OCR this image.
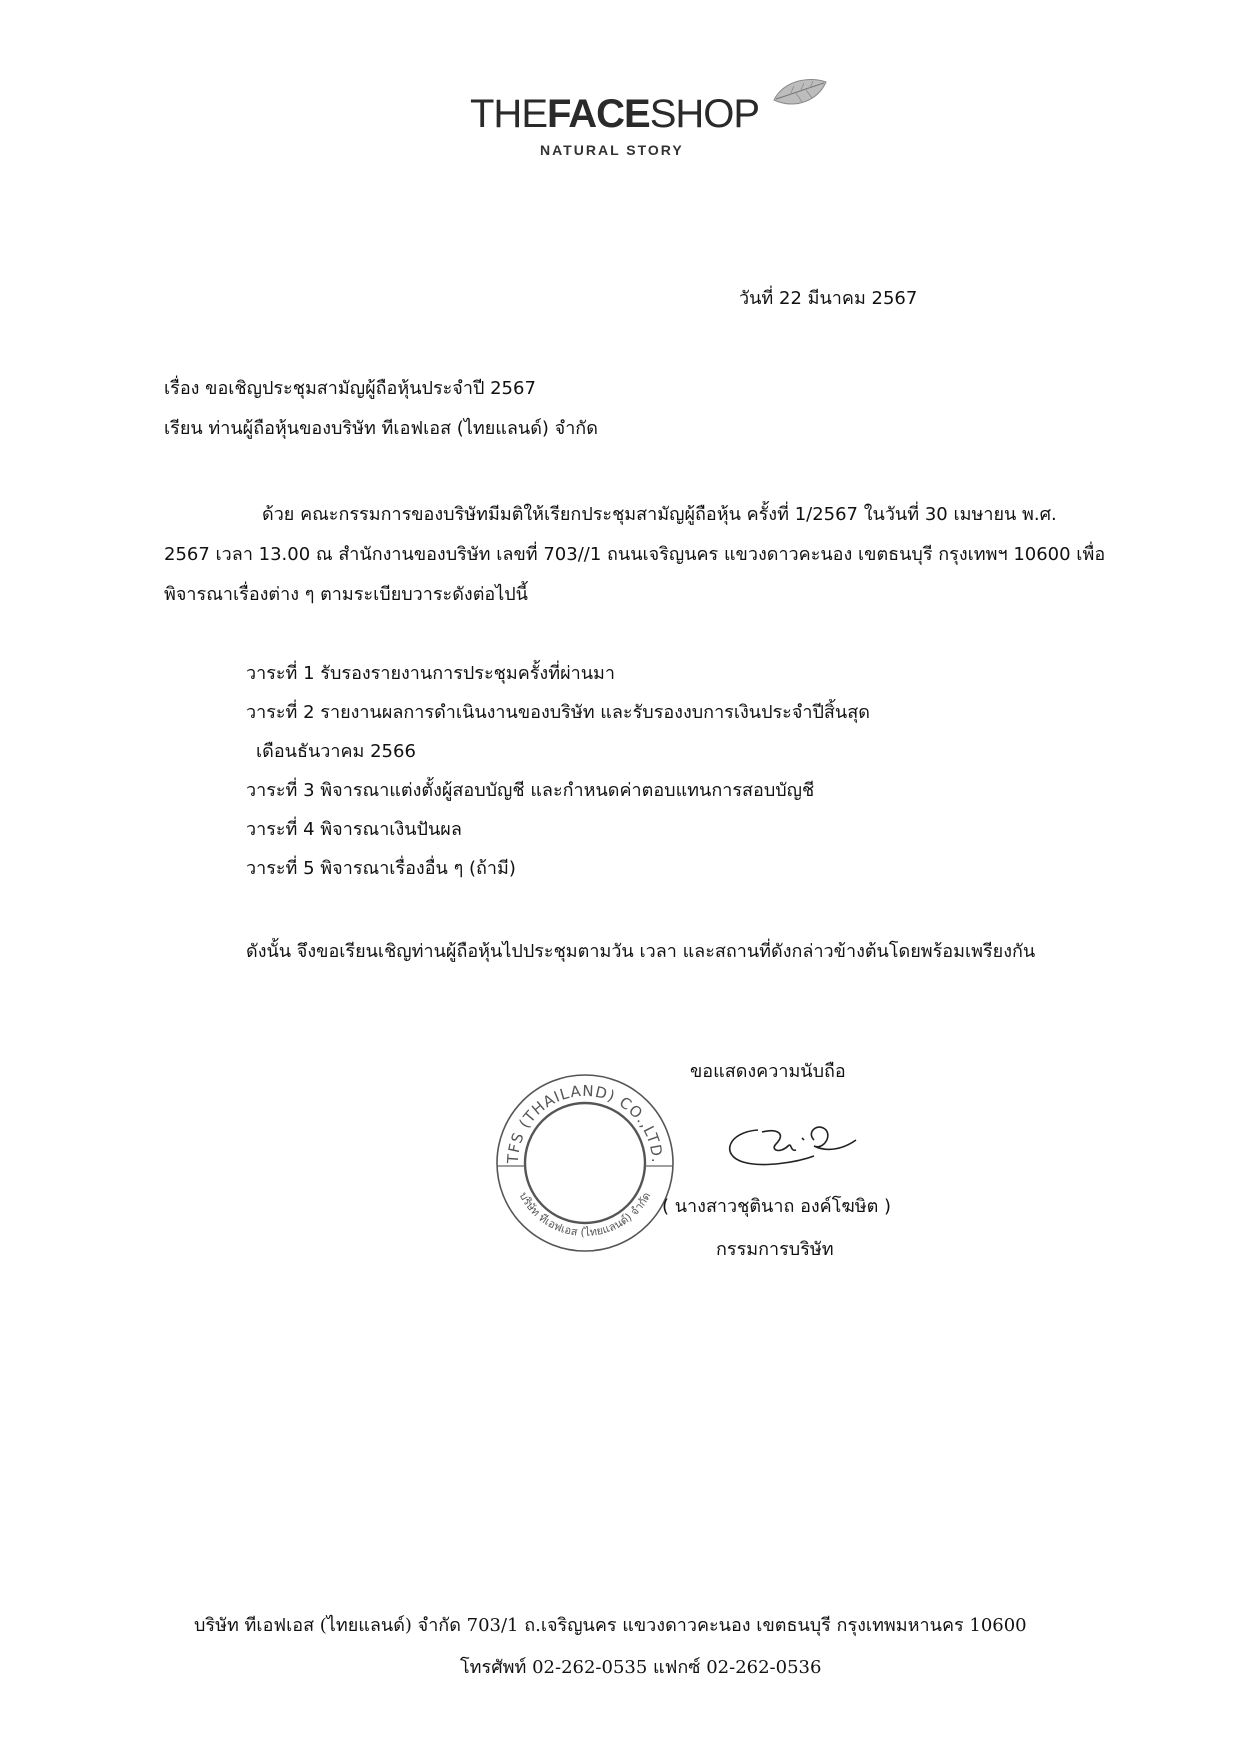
THEFACESHOP
NATURAL STORY
วันที่ 22 มีนาคม 2567
เรื่อง ขอเชิญประชุมสามัญผู้ถือหุ้นประจำปี 2567
เรียน ท่านผู้ถือหุ้นของบริษัท ทีเอฟเอส (ไทยแลนด์) จำกัด
ด้วย คณะกรรมการของบริษัทมีมติให้เรียกประชุมสามัญผู้ถือหุ้น ครั้งที่ 1/2567 ในวันที่ 30 เมษายน พ.ศ.
2567 เวลา 13.00 ณ สำนักงานของบริษัท เลขที่ 703//1 ถนนเจริญนคร แขวงดาวคะนอง เขตธนบุรี กรุงเทพฯ 10600 เพื่อ
พิจารณาเรื่องต่าง ๆ ตามระเบียบวาระดังต่อไปนี้
วาระที่ 1 รับรองรายงานการประชุมครั้งที่ผ่านมา
วาระที่ 2 รายงานผลการดำเนินงานของบริษัท และรับรองงบการเงินประจำปีสิ้นสุด
เดือนธันวาคม 2566
วาระที่ 3 พิจารณาแต่งตั้งผู้สอบบัญชี และกำหนดค่าตอบแทนการสอบบัญชี
วาระที่ 4 พิจารณาเงินปันผล
วาระที่ 5 พิจารณาเรื่องอื่น ๆ (ถ้ามี)
ดังนั้น จึงขอเรียนเชิญท่านผู้ถือหุ้นไปประชุมตามวัน เวลา และสถานที่ดังกล่าวข้างต้นโดยพร้อมเพรียงกัน
ขอแสดงความนับถือ
TFS (THAILAND) CO.,LTD.
บริษัท ทีเอฟเอส (ไทยแลนด์) จำกัด ( นางสาวชุตินาถ องค์โฆษิต )
กรรมการบริษัท
บริษัท ทีเอฟเอส (ไทยแลนด์) จำกัด 703/1 ถ.เจริญนคร แขวงดาวคะนอง เขตธนบุรี กรุงเทพมหานคร 10600
โทรศัพท์ 02-262-0535 แฟกซ์ 02-262-0536
